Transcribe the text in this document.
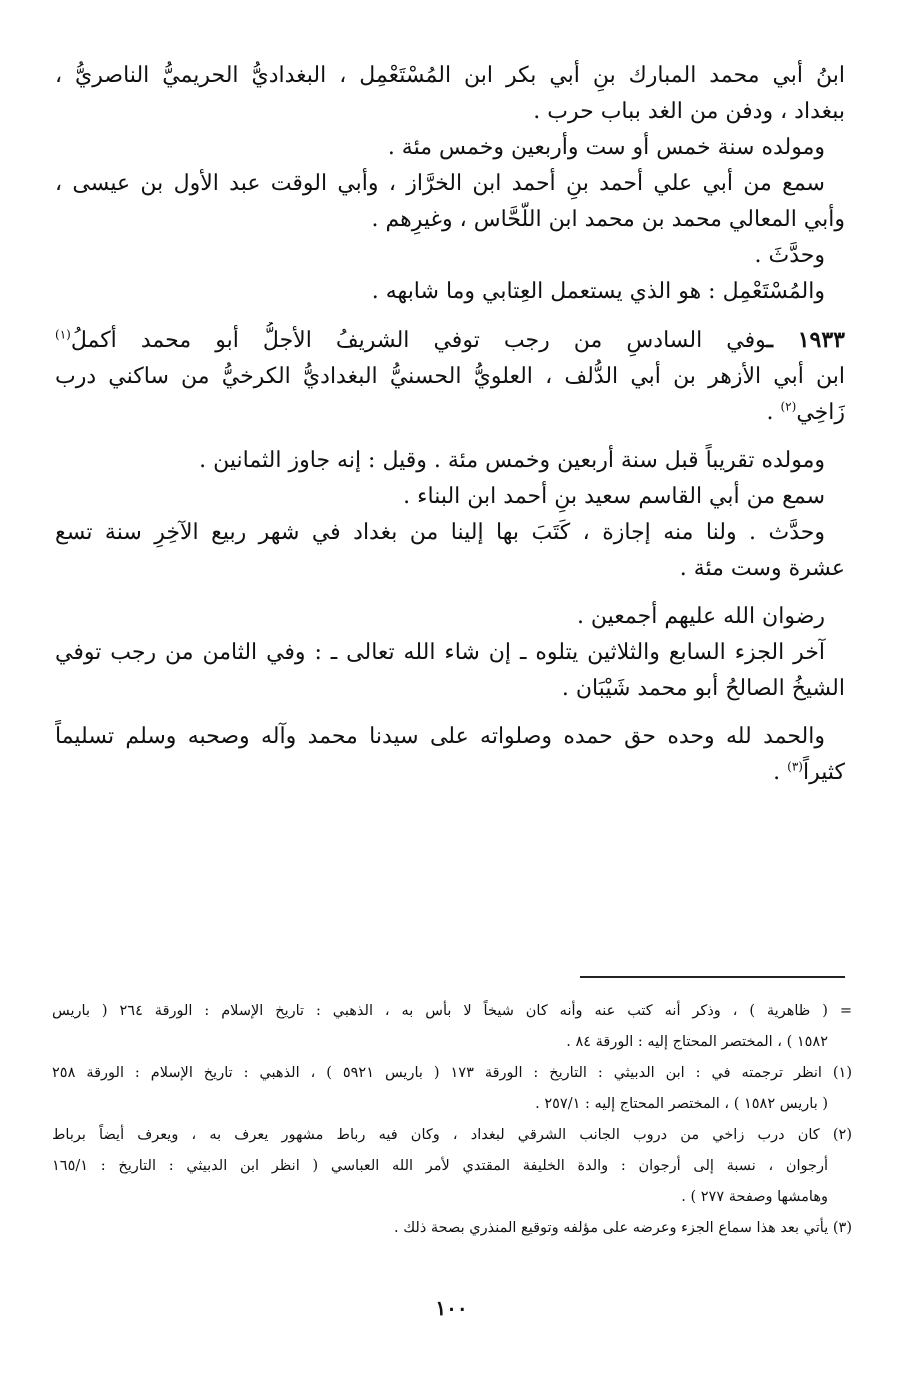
ابنُ أبي محمد المبارك بنِ أبي بكر ابن المُسْتَعْمِل ، البغداديُّ الحريميُّ الناصريُّ ،
ببغداد ، ودفن من الغد بباب حرب .
ومولده سنة خمس أو ست وأربعين وخمس مئة .
سمع من أبي علي أحمد بنِ أحمد ابن الخرَّاز ، وأبي الوقت عبد الأول بن عيسى ،
وأبي المعالي محمد بن محمد ابن اللَّحَّاس ، وغيرِهم .
وحدَّثَ .
والمُسْتَعْمِل : هو الذي يستعمل العِتابي وما شابهه .
١٩٣٣ ـوفي السادسِ من رجب توفي الشريفُ الأجلُّ أبو محمد أكملُ$^{(١)}$
ابن أبي الأزهر بن أبي الدُّلف ، العلويُّ الحسنيُّ البغداديُّ الكرخيُّ من ساكني درب
زَاخِي$^{(٢)}$ .
ومولده تقريباً قبل سنة أربعين وخمس مئة . وقيل : إنه جاوز الثمانين .
سمع من أبي القاسم سعيد بنِ أحمد ابن البناء .
وحدَّث . ولنا منه إجازة ، كَتَبَ بها إلينا من بغداد في شهر ربيع الآخِرِ سنة تسع
عشرة وست مئة .
رضوان الله عليهم أجمعين .
آخر الجزء السابع والثلاثين يتلوه ـ إن شاء الله تعالى ـ : وفي الثامن من رجب توفي
الشيخُ الصالحُ أبو محمد شَيْبَان .
والحمد لله وحده حق حمده وصلواته على سيدنا محمد وآله وصحبه وسلم تسليماً
كثيراً$^{(٣)}$ .
= ( ظاهرية ) ، وذكر أنه كتب عنه وأنه كان شيخاً لا بأس به ، الذهبي : تاريخ الإسلام : الورقة ٢٦٤ ( باريس
١٥٨٢ ) ، المختصر المحتاج إليه : الورقة ٨٤ .
(١) انظر ترجمته في : ابن الدبيثي : التاريخ : الورقة ١٧٣ ( باريس ٥٩٢١ ) ، الذهبي : تاريخ الإسلام : الورقة ٢٥٨
( باريس ١٥٨٢ ) ، المختصر المحتاج إليه : ٢٥٧/١ .
(٢) كان درب زاخي من دروب الجانب الشرقي لبغداد ، وكان فيه رباط مشهور يعرف به ، ويعرف أيضاً برباط
أرجوان ، نسبة إلى أرجوان : والدة الخليفة المقتدي لأمر الله العباسي ( انظر ابن الدبيثي : التاريخ : ١٦٥/١
وهامشها وصفحة ٢٧٧ ) .
(٣) يأتي بعد هذا سماع الجزء وعرضه على مؤلفه وتوقيع المنذري بصحة ذلك .
١٠٠
